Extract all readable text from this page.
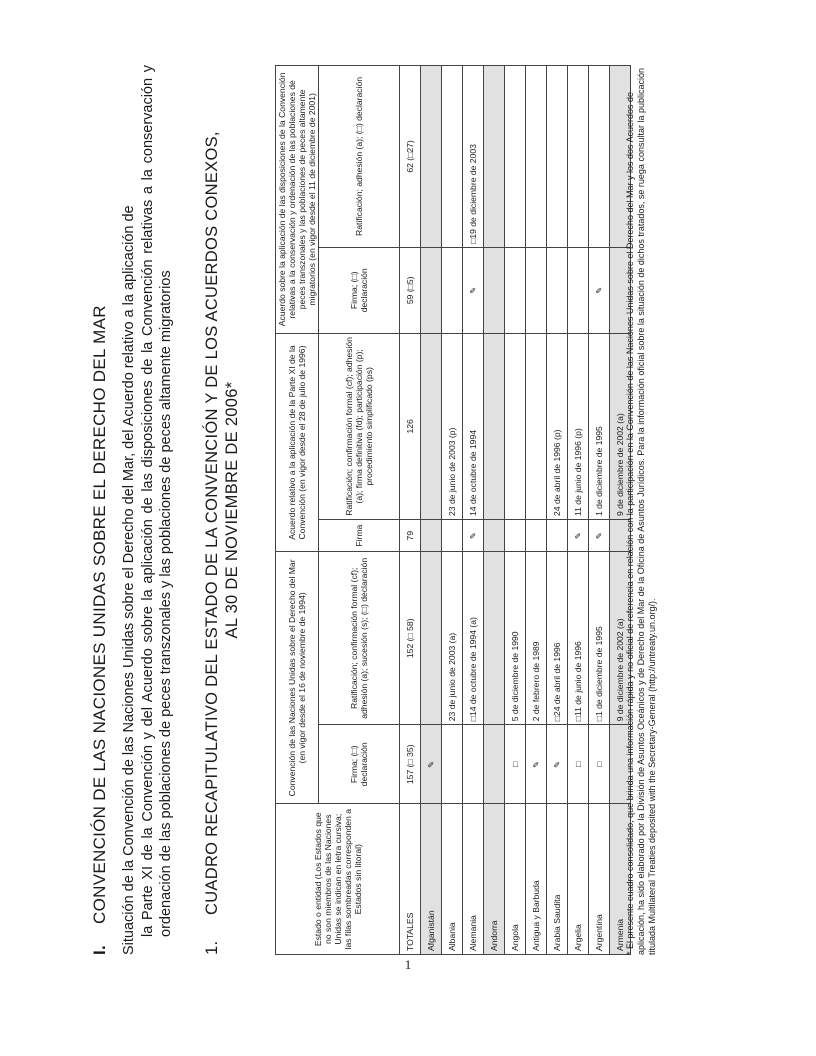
1
I. CONVENCIÓN DE LAS NACIONES UNIDAS SOBRE EL DERECHO DEL MAR Situación de la Convención de las Naciones Unidas sobre el Derecho del Mar, del Acuerdo relativo a la aplicación de la Parte XI de la Convención y del Acuerdo sobre la aplicación de las disposiciones de la Convención relativas a la conservación y ordenación de las poblaciones de peces transzonales y las poblaciones de peces altamente migratorios
1.CUADRO RECAPITULATIVO DEL ESTADO DE LA CONVENCIÓN Y DE LOS ACUERDOS CONEXOS, AL 30 DE NOVIEMBRE DE 2006*
Estado o entidad (Los Estados que no son miembros de las Naciones Unidas se indican en letra cursiva; las filas sombreadas corresponden a Estados sin litoral)	Convención de las Naciones Unidas sobre el Derecho del Mar (en vigor desde el 16 de noviembre de 1994)		Acuerdo relativo a la aplicación de la Parte XI de la Convención (en vigor desde el 28 de julio de 1996)		Acuerdo sobre la aplicación de las disposiciones de la Convención relativas a la conservación y ordenación de las poblaciones de peces transzonales y las poblaciones de peces altamente migratorios (en vigor desde el 11 de diciembre de 2001)	
	Firma; (□) declaración	Ratificación; confirmación formal (cf); adhesión (a); sucesión (s); (□) declaración	Firma	Ratificación; confirmación formal (cf); adhesión (a); firma definitiva (fd); participación (p); procedimiento simplificado (ps)	Firma; (□) declaración	Ratificación; adhesión (a); (□) declaración
TOTALES	157 (□ 35)	152 (□ 58)	79	126	59 (□5)	62 (□27)
Afganistán	✎					
Albania		23 de junio de 2003 (a)		23 de junio de 2003 (p)		
Alemania		□14 de octubre de 1994 (a)	✎	14 de octubre de 1994	✎	□19 de diciembre de 2003
Andorra						
Angola	□	5 de diciembre de 1990				
Antigua y Barbuda	✎	2 de febrero de 1989				
Arabia Saudita	✎	□24 de abril de 1996		24 de abril de 1996 (p)		
Argelia	□	□11 de junio de 1996	✎	11 de junio de 1996 (p)		
Argentina	□	□1 de diciembre de 1995	✎	1 de diciembre de 1995	✎	
Armenia		9 de diciembre de 2002 (a)		9 de diciembre de 2002 (a)		* El presente cuadro consolidado, que brinda una información rápida y no oficial de referencia en relación con la participación en la Convención de las Naciones Unidas sobre el Derecho del Mar y los dos Acuerdos de aplicación, ha sido elaborado por la División de Asuntos Oceánicos y de Derecho del Mar de la Oficina de Asuntos Jurídicos. Para la información oficial sobre la situación de dichos tratados, se ruega consultar la publicación titulada Multilateral Treaties deposited with the Secretary-General (http://untreaty.un.org/).
